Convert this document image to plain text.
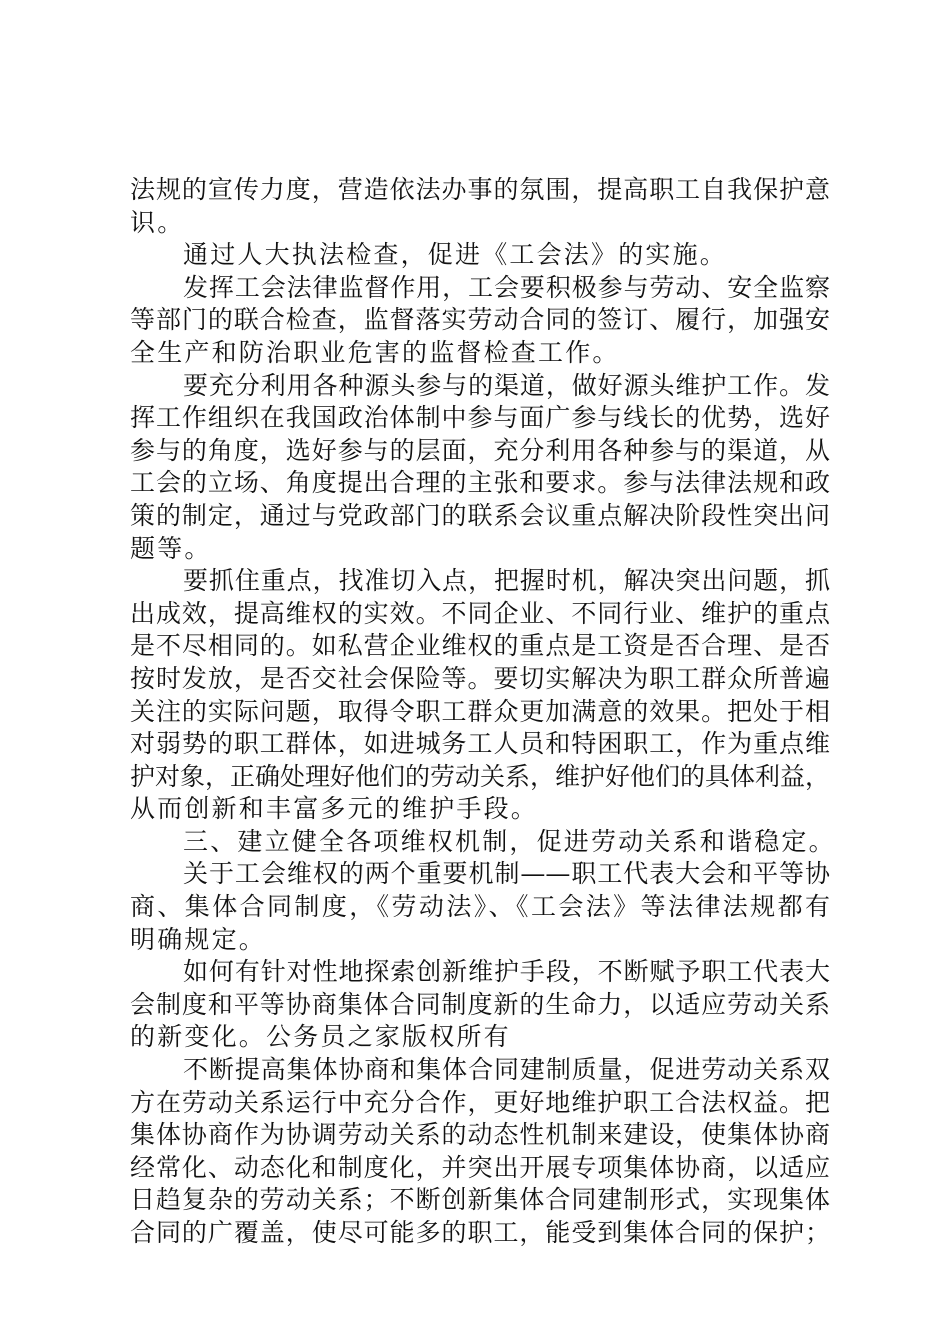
法规的宣传力度，营造依法办事的氛围，提高职工自我保护意
识。
通过人大执法检查，促进《工会法》的实施。
发挥工会法律监督作用，工会要积极参与劳动、安全监察
等部门的联合检查，监督落实劳动合同的签订、履行，加强安
全生产和防治职业危害的监督检查工作。
要充分利用各种源头参与的渠道，做好源头维护工作。发
挥工作组织在我国政治体制中参与面广参与线长的优势，选好
参与的角度，选好参与的层面，充分利用各种参与的渠道，从
工会的立场、角度提出合理的主张和要求。参与法律法规和政
策的制定，通过与党政部门的联系会议重点解决阶段性突出问
题等。
要抓住重点，找准切入点，把握时机，解决突出问题，抓
出成效，提高维权的实效。不同企业、不同行业、维护的重点
是不尽相同的。如私营企业维权的重点是工资是否合理、是否
按时发放，是否交社会保险等。要切实解决为职工群众所普遍
关注的实际问题，取得令职工群众更加满意的效果。把处于相
对弱势的职工群体，如进城务工人员和特困职工，作为重点维
护对象，正确处理好他们的劳动关系，维护好他们的具体利益，
从而创新和丰富多元的维护手段。
三、建立健全各项维权机制，促进劳动关系和谐稳定。
关于工会维权的两个重要机制——职工代表大会和平等协
商、集体合同制度，《劳动法》、《工会法》等法律法规都有
明确规定。
如何有针对性地探索创新维护手段，不断赋予职工代表大
会制度和平等协商集体合同制度新的生命力，以适应劳动关系
的新变化。公务员之家版权所有
不断提高集体协商和集体合同建制质量，促进劳动关系双
方在劳动关系运行中充分合作，更好地维护职工合法权益。把
集体协商作为协调劳动关系的动态性机制来建设，使集体协商
经常化、动态化和制度化，并突出开展专项集体协商，以适应
日趋复杂的劳动关系；不断创新集体合同建制形式，实现集体
合同的广覆盖，使尽可能多的职工，能受到集体合同的保护；
